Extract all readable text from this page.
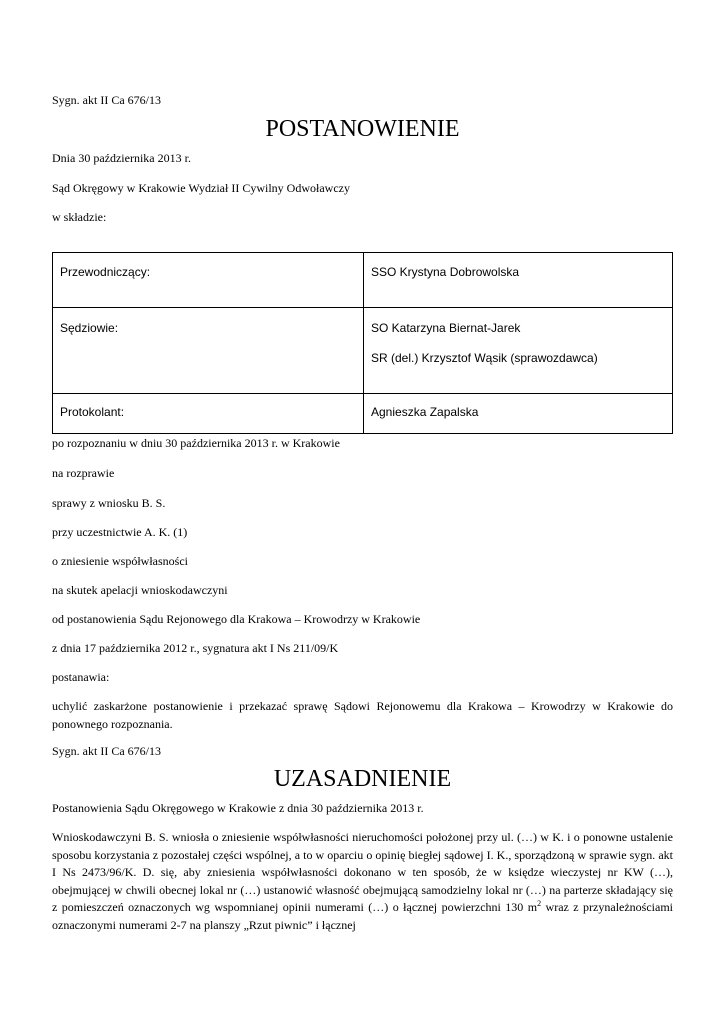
Sygn. akt II Ca 676/13

POSTANOWIENIE

Dnia 30 października 2013 r.

Sąd Okręgowy w Krakowie Wydział II Cywilny Odwoławczy

w składzie:

Przewodniczący:	SSO Krystyna Dobrowolska
Sędziowie:	SO Katarzyna Biernat-Jarek
SR (del.) Krzysztof Wąsik (sprawozdawca)

Protokolant:	Agnieszka Zapalska

po rozpoznaniu w dniu 30 października 2013 r. w Krakowie

na rozprawie

sprawy z wniosku B. S.

przy uczestnictwie A. K. (1)

o zniesienie współwłasności

na skutek apelacji wnioskodawczyni

od postanowienia Sądu Rejonowego dla Krakowa – Krowodrzy w Krakowie

z dnia 17 października 2012 r., sygnatura akt I Ns 211/09/K

postanawia:

uchylić zaskarżone postanowienie i przekazać sprawę Sądowi Rejonowemu dla Krakowa – Krowodrzy w Krakowie do ponownego rozpoznania.

Sygn. akt II Ca 676/13

UZASADNIENIE

Postanowienia Sądu Okręgowego w Krakowie z dnia 30 października 2013 r.

Wnioskodawczyni B. S. wniosła o zniesienie współwłasności nieruchomości położonej przy ul. (…) w K. i o ponowne ustalenie sposobu korzystania z pozostałej części wspólnej, a to w oparciu o opinię biegłej sądowej I. K., sporządzoną w sprawie sygn. akt I Ns 2473/96/K. D. się, aby zniesienia współwłasności dokonano w ten sposób, że w księdze wieczystej nr KW (…), obejmującej w chwili obecnej lokal nr (…) ustanowić własność obejmującą samodzielny lokal nr (…) na parterze składający się z pomieszczeń oznaczonych wg wspomnianej opinii numerami (…) o łącznej powierzchni 130 $m^2$ wraz z przynależnościami oznaczonymi numerami 2-7 na planszy „Rzut piwnic” i łącznej
